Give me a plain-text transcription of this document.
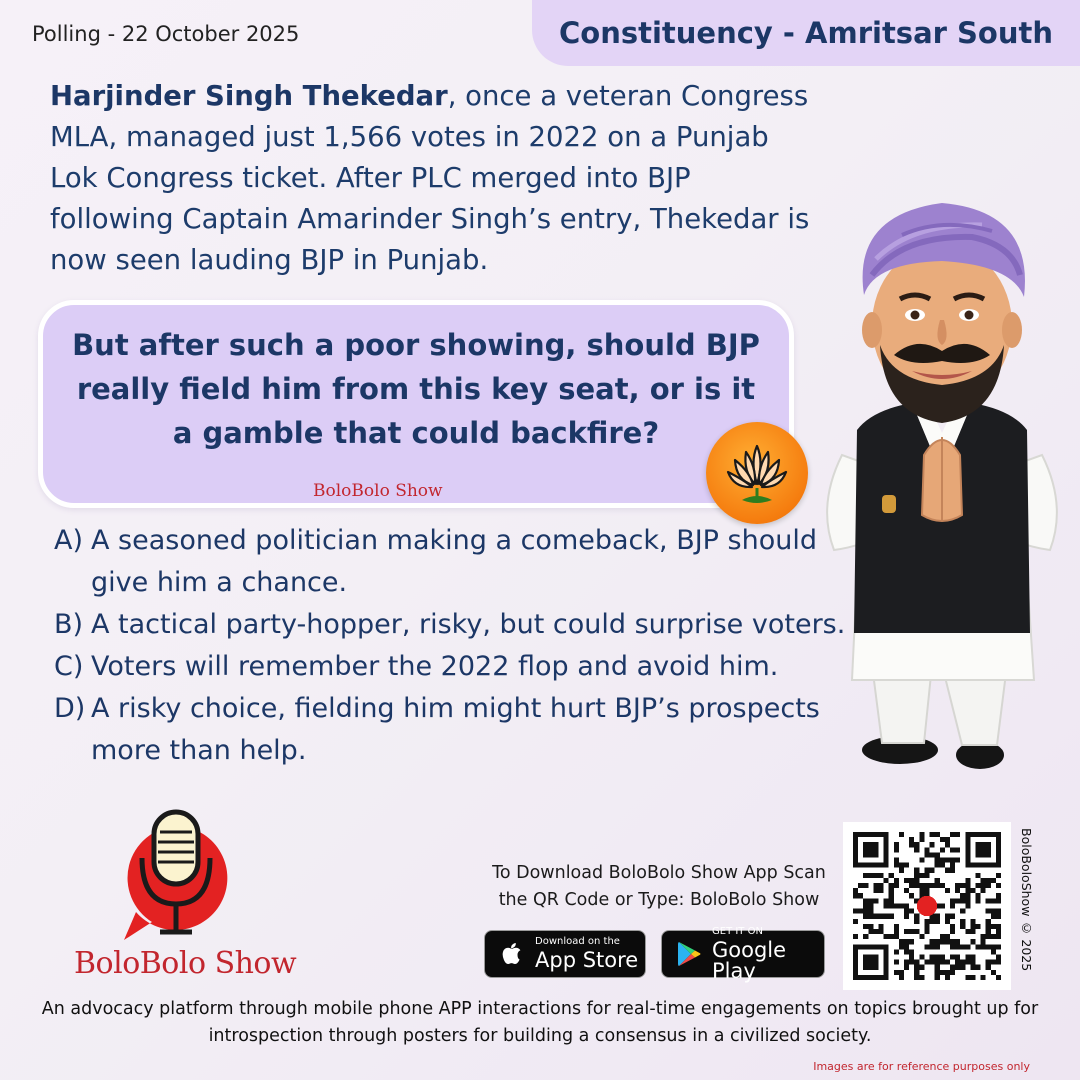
Polling - 22 October 2025	Constituency - Amritsar South
Harjinder Singh Thekedar, once a veteran Congress MLA, managed just 1,566 votes in 2022 on a Punjab Lok Congress ticket. After PLC merged into BJP following Captain Amarinder Singh’s entry, Thekedar is now seen lauding BJP in Punjab.
But after such a poor showing, should BJP really field him from this key seat, or is it a gamble that could backfire?
BoloBolo Show
A) A seasoned politician making a comeback, BJP should give him a chance.
B) A tactical party-hopper, risky, but could surprise voters.
C) Voters will remember the 2022 flop and avoid him.
D) A risky choice, fielding him might hurt BJP’s prospects more than help.
BoloBolo Show
To Download BoloBolo Show App Scan the QR Code or Type: BoloBolo Show
Download on the
App Store
GET IT ON
Google Play	BoloBoloShow © 2025
An advocacy platform through mobile phone APP interactions for real-time engagements on topics brought up for introspection through posters for building a consensus in a civilized society.
Images are for reference purposes only
